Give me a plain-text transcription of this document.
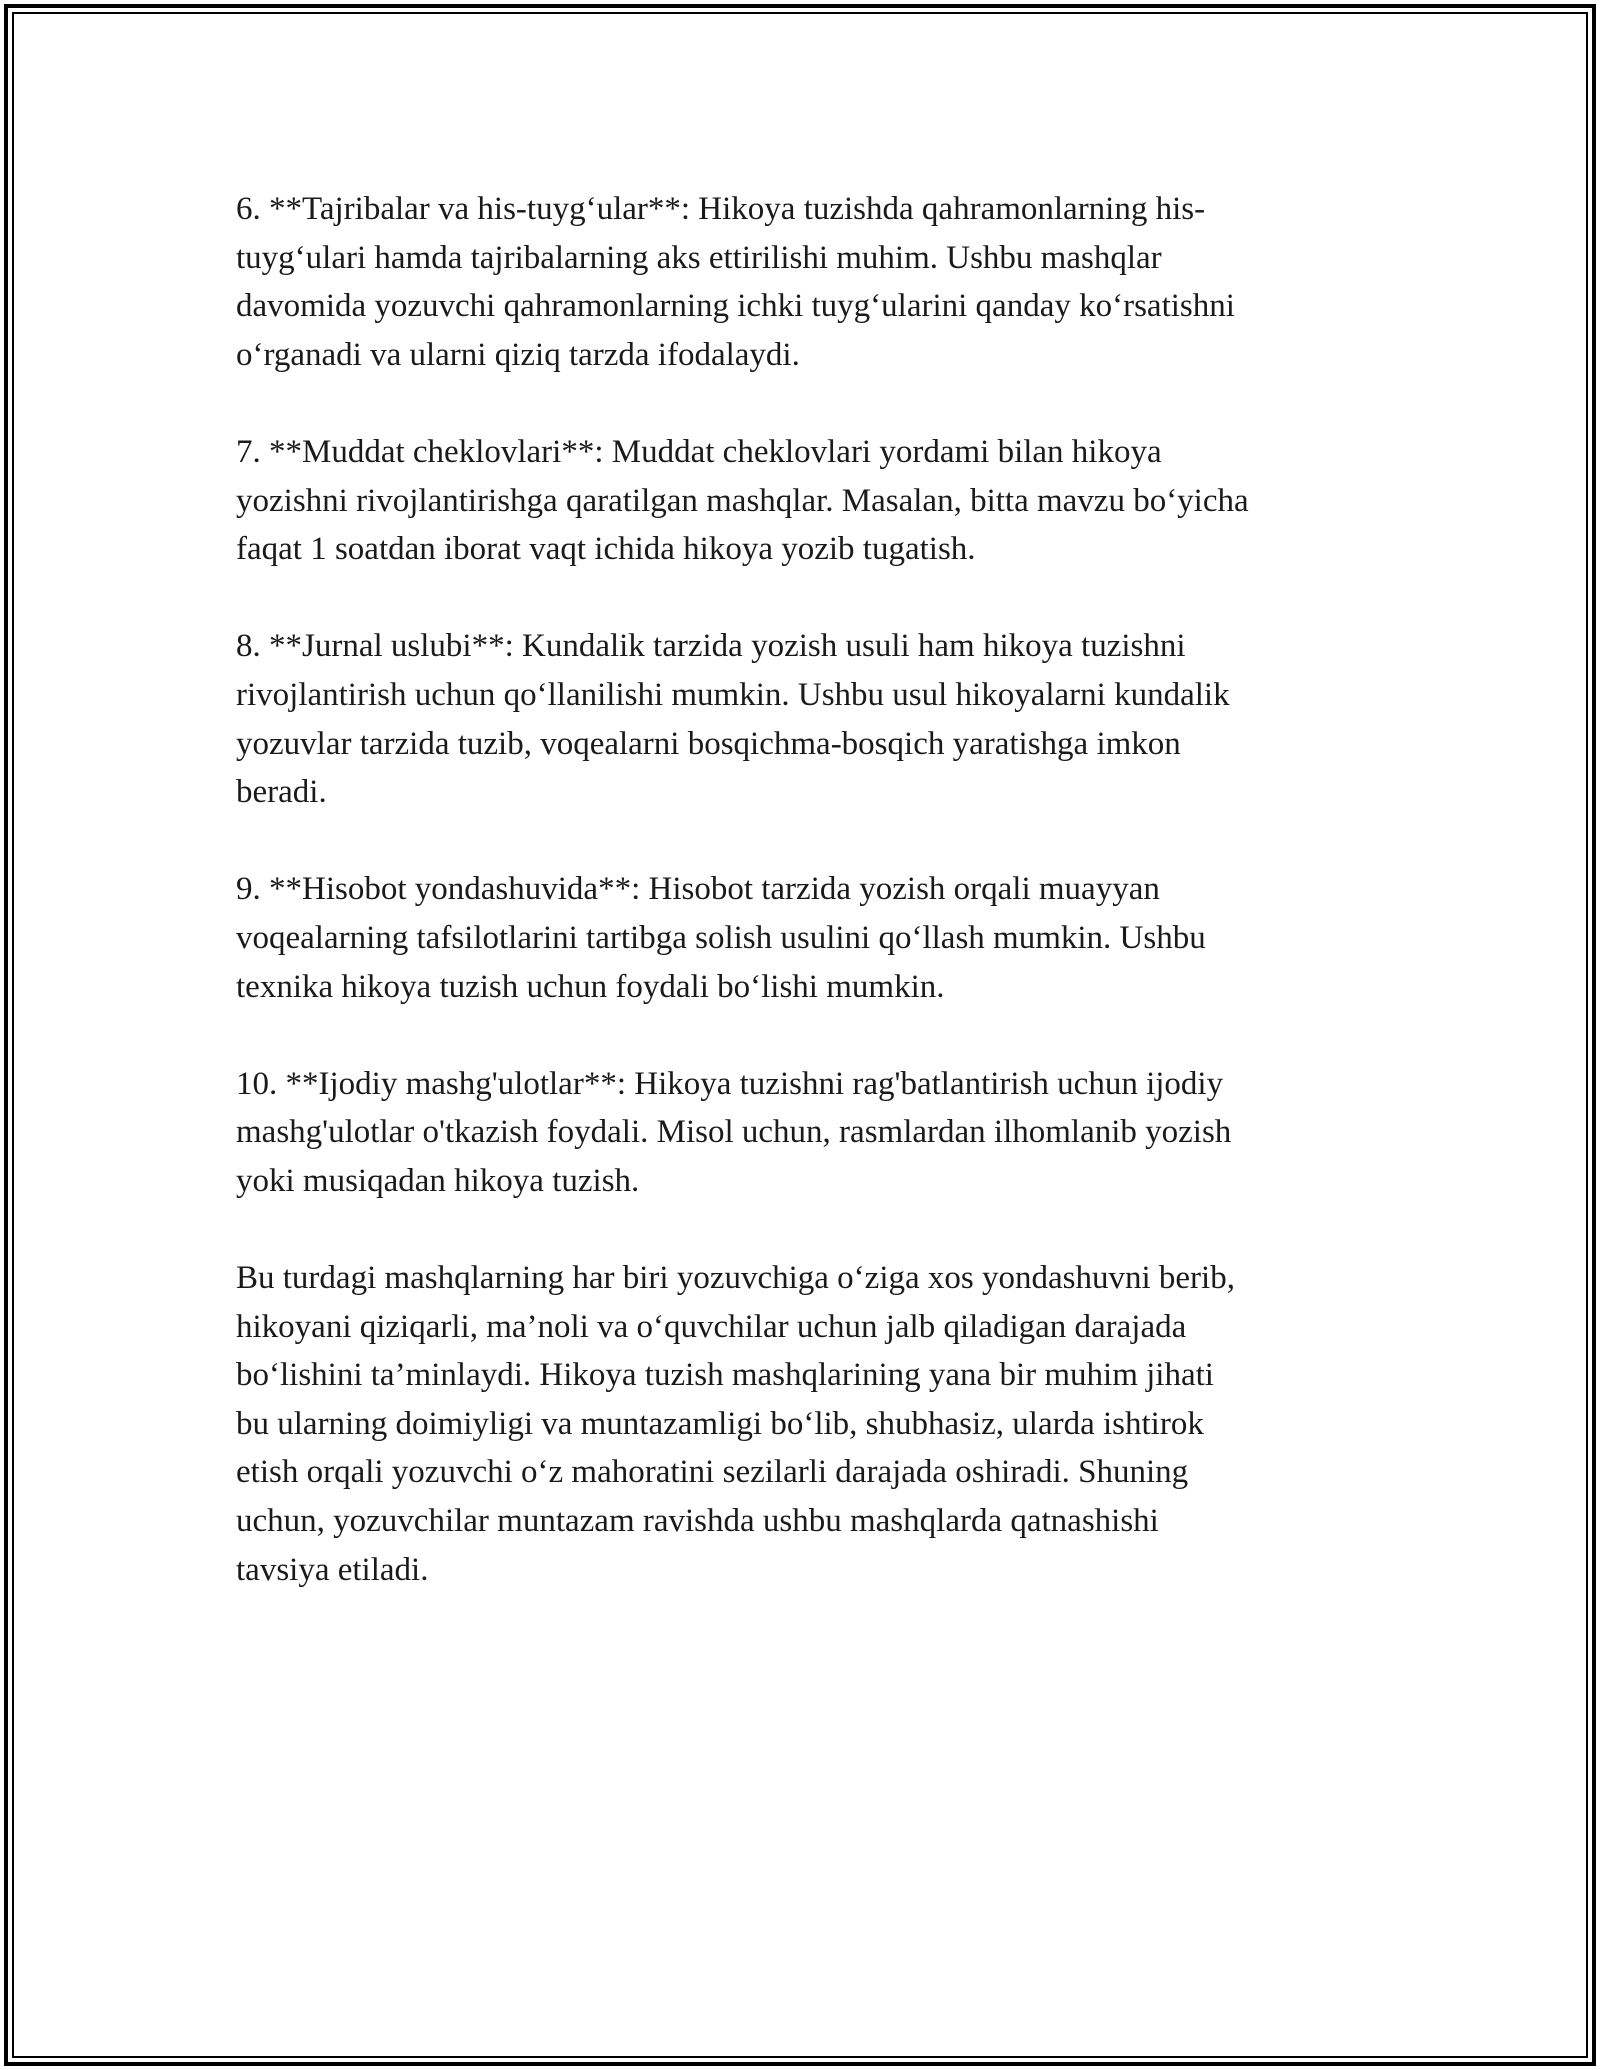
6. **Tajribalar va his-tuyg‘ular**: Hikoya tuzishda qahramonlarning his-
tuyg‘ulari hamda tajribalarning aks ettirilishi muhim. Ushbu mashqlar
davomida yozuvchi qahramonlarning ichki tuyg‘ularini qanday ko‘rsatishni
o‘rganadi va ularni qiziq tarzda ifodalaydi.

7. **Muddat cheklovlari**: Muddat cheklovlari yordami bilan hikoya
yozishni rivojlantirishga qaratilgan mashqlar. Masalan, bitta mavzu bo‘yicha
faqat 1 soatdan iborat vaqt ichida hikoya yozib tugatish.

8. **Jurnal uslubi**: Kundalik tarzida yozish usuli ham hikoya tuzishni
rivojlantirish uchun qo‘llanilishi mumkin. Ushbu usul hikoyalarni kundalik
yozuvlar tarzida tuzib, voqealarni bosqichma-bosqich yaratishga imkon
beradi.

9. **Hisobot yondashuvida**: Hisobot tarzida yozish orqali muayyan
voqealarning tafsilotlarini tartibga solish usulini qo‘llash mumkin. Ushbu
texnika hikoya tuzish uchun foydali bo‘lishi mumkin.

10. **Ijodiy mashg'ulotlar**: Hikoya tuzishni rag'batlantirish uchun ijodiy
mashg'ulotlar o'tkazish foydali. Misol uchun, rasmlardan ilhomlanib yozish
yoki musiqadan hikoya tuzish.

Bu turdagi mashqlarning har biri yozuvchiga o‘ziga xos yondashuvni berib,
hikoyani qiziqarli, ma’noli va o‘quvchilar uchun jalb qiladigan darajada
bo‘lishini ta’minlaydi. Hikoya tuzish mashqlarining yana bir muhim jihati
bu ularning doimiyligi va muntazamligi bo‘lib, shubhasiz, ularda ishtirok
etish orqali yozuvchi o‘z mahoratini sezilarli darajada oshiradi. Shuning
uchun, yozuvchilar muntazam ravishda ushbu mashqlarda qatnashishi
tavsiya etiladi.
